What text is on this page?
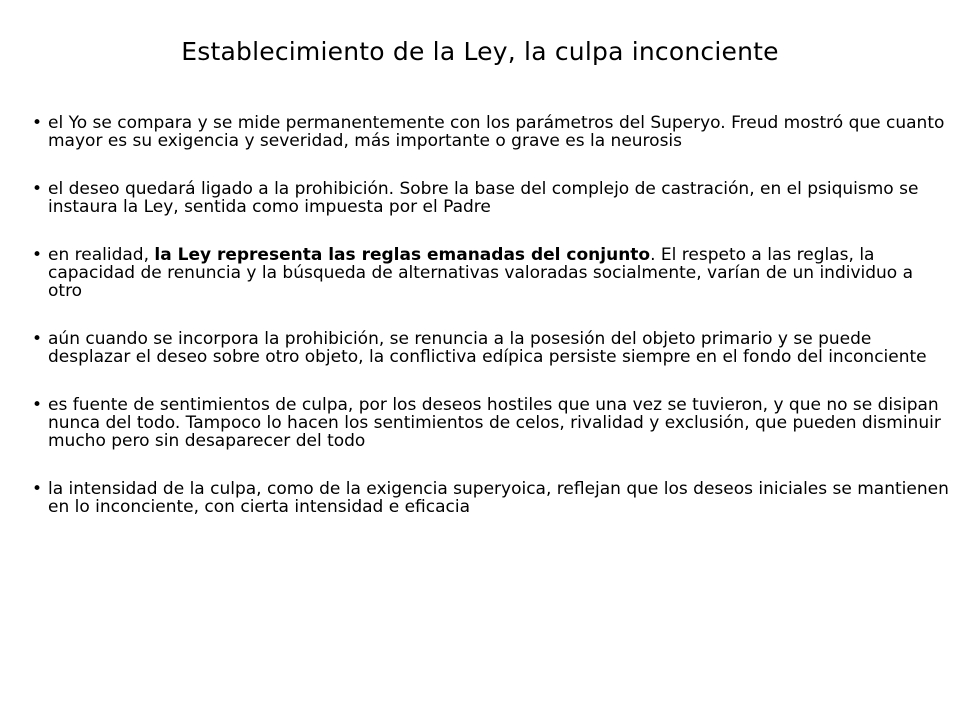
Establecimiento de la Ley, la culpa inconciente
• el Yo se compara y se mide permanentemente con los parámetros del Superyo. Freud mostró que cuanto mayor es su exigencia y severidad, más importante o grave es la neurosis
• el deseo quedará ligado a la prohibición. Sobre la base del complejo de castración, en el psiquismo se instaura la Ley, sentida como impuesta por el Padre
• en realidad, la Ley representa las reglas emanadas del conjunto. El respeto a las reglas, la capacidad de renuncia y la búsqueda de alternativas valoradas socialmente, varían de un individuo a otro
• aún cuando se incorpora la prohibición, se renuncia a la posesión del objeto primario y se puede desplazar el deseo sobre otro objeto, la conflictiva edípica persiste siempre en el fondo del inconciente
• es fuente de sentimientos de culpa, por los deseos hostiles que una vez se tuvieron, y que no se disipan nunca del todo. Tampoco lo hacen los sentimientos de celos, rivalidad y exclusión, que pueden disminuir mucho pero sin desaparecer del todo
• la intensidad de la culpa, como de la exigencia superyoica, reflejan que los deseos iniciales se mantienen en lo inconciente, con cierta intensidad e eficacia
